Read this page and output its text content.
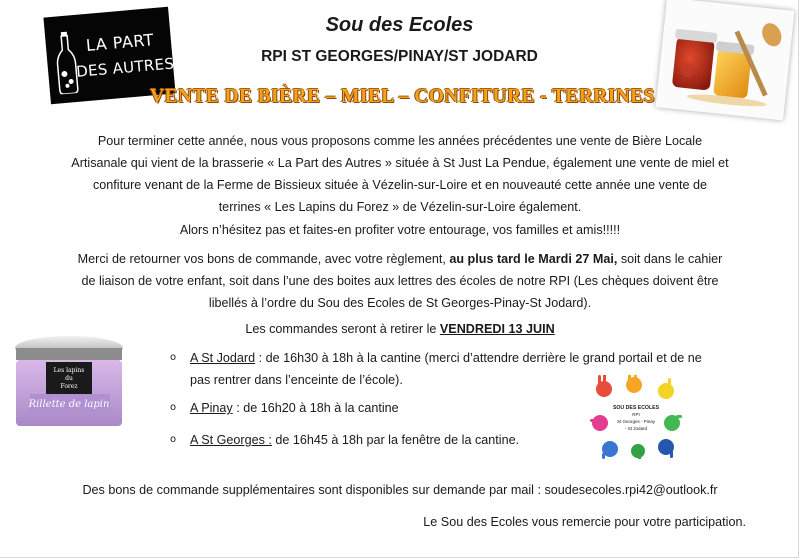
LA PART
DES AUTRES
Sou des Ecoles
RPI ST GEORGES/PINAY/ST JODARD
VENTE DE BIÈRE – MIEL – CONFITURE - TERRINES
Pour terminer cette année, nous vous proposons comme les années précédentes une vente de Bière Locale
Artisanale qui vient de la brasserie « La Part des Autres » située à St Just La Pendue, également une vente de miel et
confiture venant de la Ferme de Bissieux située à Vézelin-sur-Loire et en nouveauté cette année une vente de
terrines « Les Lapins du Forez » de Vézelin-sur-Loire également.
Alors n’hésitez pas et faites-en profiter votre entourage, vos familles et amis!!!!!
Merci de retourner vos bons de commande, avec votre règlement, au plus tard le Mardi 27 Mai, soit dans le cahier
de liaison de votre enfant, soit dans l’une des boites aux lettres des écoles de notre RPI (Les chèques doivent être
libellés à l’ordre du Sou des Ecoles de St Georges-Pinay-St Jodard).
Les commandes seront à retirer le VENDREDI 13 JUIN
o A St Jodard : de 16h30 à 18h à la cantine (merci d’attendre derrière le grand portail et de ne
pas rentrer dans l’enceinte de l’école).
o A Pinay : de 16h20 à 18h à la cantine
o A St Georges : de 16h45 à 18h par la fenêtre de la cantine.
Les lapins
du
Forez
Rillette de lapin	SOU DES ECOLES
RPI
St Georges - Pinay
- St Jodard
Des bons de commande supplémentaires sont disponibles sur demande par mail : soudesecoles.rpi42@outlook.fr
Le Sou des Ecoles vous remercie pour votre participation.
